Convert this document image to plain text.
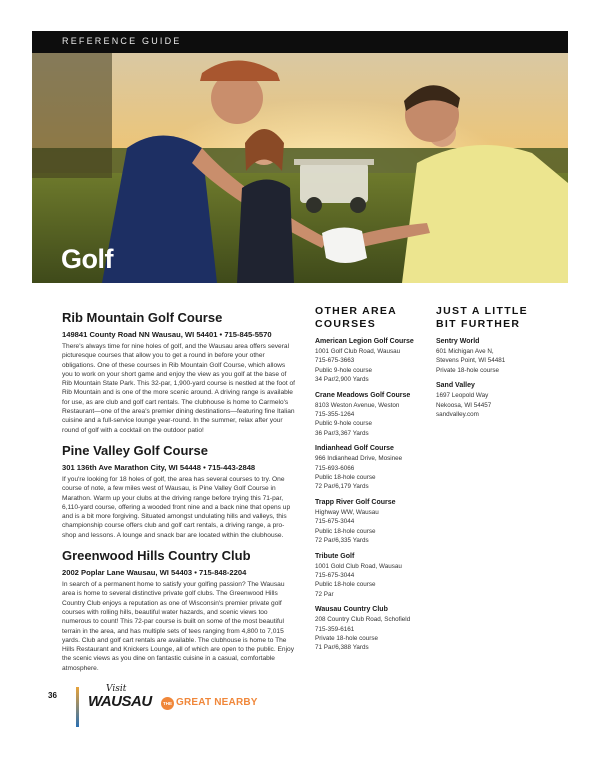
REFERENCE GUIDE
Golf
Rib Mountain Golf Course
149841 County Road NN Wausau, WI 54401 • 715-845-5570
There's always time for nine holes of golf, and the Wausau area offers several picturesque courses that allow you to get a round in before your other obligations. One of these courses in Rib Mountain Golf Course, which allows you to work on your short game and enjoy the view as you golf at the base of Rib Mountain State Park. This 32-par, 1,900-yard course is nestled at the foot of Rib Mountain and is one of the more scenic around. A driving range is available for use, as are club and golf cart rentals. The clubhouse is home to Carmelo's Restaurant—one of the area's premier dining destinations—featuring fine Italian cuisine and a full-service lounge year-round. In the summer, relax after your round of golf with a cocktail on the outdoor patio!
Pine Valley Golf Course
301 136th Ave Marathon City, WI 54448 • 715-443-2848
If you're looking for 18 holes of golf, the area has several courses to try. One course of note, a few miles west of Wausau, is Pine Valley Golf Course in Marathon. Warm up your clubs at the driving range before trying this 71-par, 6,110-yard course, offering a wooded front nine and a back nine that opens up and is a bit more forgiving. Situated amongst undulating hills and valleys, this championship course offers club and golf cart rentals, a driving range, a pro-shop and lessons. A lounge and snack bar are located within the clubhouse.
Greenwood Hills Country Club
2002 Poplar Lane Wausau, WI 54403 • 715-848-2204
In search of a permanent home to satisfy your golfing passion? The Wausau area is home to several distinctive private golf clubs. The Greenwood Hills Country Club enjoys a reputation as one of Wisconsin's premier private golf courses with rolling hills, beautiful water hazards, and scenic views too numerous to count! This 72-par course is built on some of the most beautiful terrain in the area, and has multiple sets of tees ranging from 4,800 to 7,015 yards. Club and golf cart rentals are available. The clubhouse is home to The Hills Restaurant and Knickers Lounge, all of which are open to the public. Enjoy the scenic views as you dine on fantastic cuisine in a casual, comfortable atmosphere.
OTHER AREA
COURSES
American Legion Golf Course
1001 Golf Club Road, Wausau
715-675-3663
Public 9-hole course
34 Par/2,900 Yards
Crane Meadows Golf Course
8103 Weston Avenue, Weston
715-355-1264
Public 9-hole course
36 Par/3,367 Yards
Indianhead Golf Course
966 Indianhead Drive, Mosinee
715-693-6066
Public 18-hole course
72 Par/6,179 Yards
Trapp River Golf Course
Highway WW, Wausau
715-675-3044
Public 18-hole course
72 Par/6,335 Yards
Tribute Golf
1001 Gold Club Road, Wausau
715-675-3044
Public 18-hole course
72 Par
Wausau Country Club
208 Country Club Road, Schofield
715-359-6161
Private 18-hole course
71 Par/6,388 Yards
JUST A LITTLE
BIT FURTHER
Sentry World
601 Michigan Ave N,
Stevens Point, WI 54481
Private 18-hole course
Sand Valley
1697 Leopold Way
Nekoosa, WI 54457
sandvalley.com
36
Visit
WAUSAU	THE GREAT NEARBY
